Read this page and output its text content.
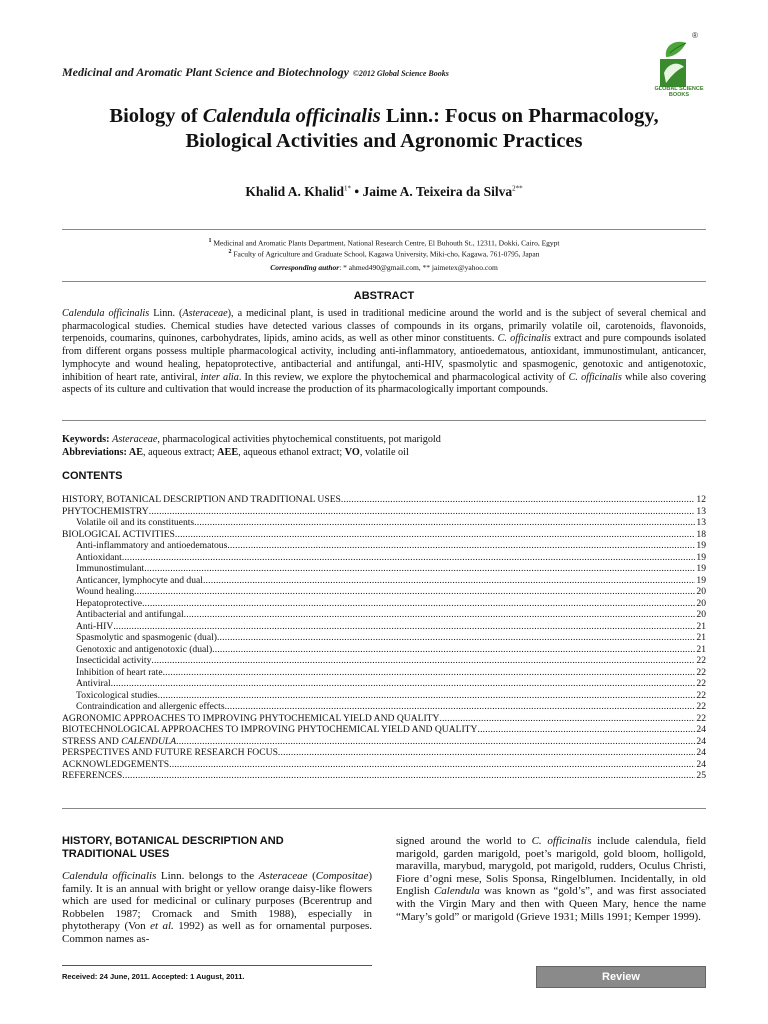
Medicinal and Aromatic Plant Science and Biotechnology ©2012 Global Science Books
®
GLOBAL SCIENCE
BOOKS
Biology of Calendula officinalis Linn.: Focus on Pharmacology,
Biological Activities and Agronomic Practices
Khalid A. Khalid$^{1*}$ • Jaime A. Teixeira da Silva$^{2**}$
$^1$ Medicinal and Aromatic Plants Department, National Research Centre, El Buhouth St., 12311, Dokki, Cairo, Egypt
$^2$ Faculty of Agriculture and Graduate School, Kagawa University, Miki-cho, Kagawa, 761-0795, Japan
Corresponding author: * ahmed490@gmail.com, ** jaimetex@yahoo.com
ABSTRACT
Calendula officinalis Linn. (Asteraceae), a medicinal plant, is used in traditional medicine around the world and is the subject of several chemical and pharmacological studies. Chemical studies have detected various classes of compounds in its organs, primarily volatile oil, carotenoids, flavonoids, terpenoids, coumarins, quinones, carbohydrates, lipids, amino acids, as well as other minor constituents. C. officinalis extract and pure compounds isolated from different organs possess multiple pharmacological activity, including anti-inflammatory, antioedematous, antioxidant, immunostimulant, anticancer, lymphocyte and wound healing, hepatoprotective, antibacterial and antifungal, anti-HIV, spasmolytic and spasmogenic, genotoxic and antigenotoxic, inhibition of heart rate, antiviral, inter alia. In this review, we explore the phytochemical and pharmacological activity of C. officinalis while also covering aspects of its culture and cultivation that would increase the production of its pharmacologically important compounds.
Keywords: Asteraceae, pharmacological activities phytochemical constituents, pot marigold
Abbreviations: AE, aqueous extract; AEE, aqueous ethanol extract; VO, volatile oil
CONTENTS
HISTORY, BOTANICAL DESCRIPTION AND TRADITIONAL USES .....	12
PHYTOCHEMISTRY .....	13
Volatile oil and its constituents .....	13
BIOLOGICAL ACTIVITIES .....	18
Anti-inflammatory and antioedematous .....	19
Antioxidant .....	19
Immunostimulant .....	19
Anticancer, lymphocyte and dual .....	19
Wound healing .....	20
Hepatoprotective .....	20
Antibacterial and antifungal .....	20
Anti-HIV .....	21
Spasmolytic and spasmogenic (dual) .....	21
Genotoxic and antigenotoxic (dual) .....	21
Insecticidal activity .....	22
Inhibition of heart rate .....	22
Antiviral .....	22
Toxicological studies .....	22
Contraindication and allergenic effects .....	22
AGRONOMIC APPROACHES TO IMPROVING PHYTOCHEMICAL YIELD AND QUALITY .....	22
BIOTECHNOLOGICAL APPROACHES TO IMPROVING PHYTOCHEMICAL YIELD AND QUALITY .....	24
STRESS AND CALENDULA .....	24
PERSPECTIVES AND FUTURE RESEARCH FOCUS .....	24
ACKNOWLEDGEMENTS .....	24
REFERENCES .....	25
HISTORY, BOTANICAL DESCRIPTION AND
TRADITIONAL USES
Calendula officinalis Linn. belongs to the Asteraceae (Compositae) family. It is an annual with bright or yellow orange daisy-like flowers which are used for medicinal or culinary purposes (Bcerentrup and Robbelen 1987; Cromack and Smith 1988), especially in phytotherapy (Von et al. 1992) as well as for ornamental purposes. Common names as-
signed around the world to C. officinalis include calendula, field marigold, garden marigold, poet’s marigold, gold bloom, holligold, maravilla, marybud, marygold, pot marigold, rudders, Oculus Christi, Fiore d’ogni mese, Solis Sponsa, Ringelblumen. Incidentally, in old English Calendula was known as “gold’s”, and was first associated with the Virgin Mary and then with Queen Mary, hence the name “Mary’s gold” or marigold (Grieve 1931; Mills 1991; Kemper 1999).
Received: 24 June, 2011. Accepted: 1 August, 2011.	Review
